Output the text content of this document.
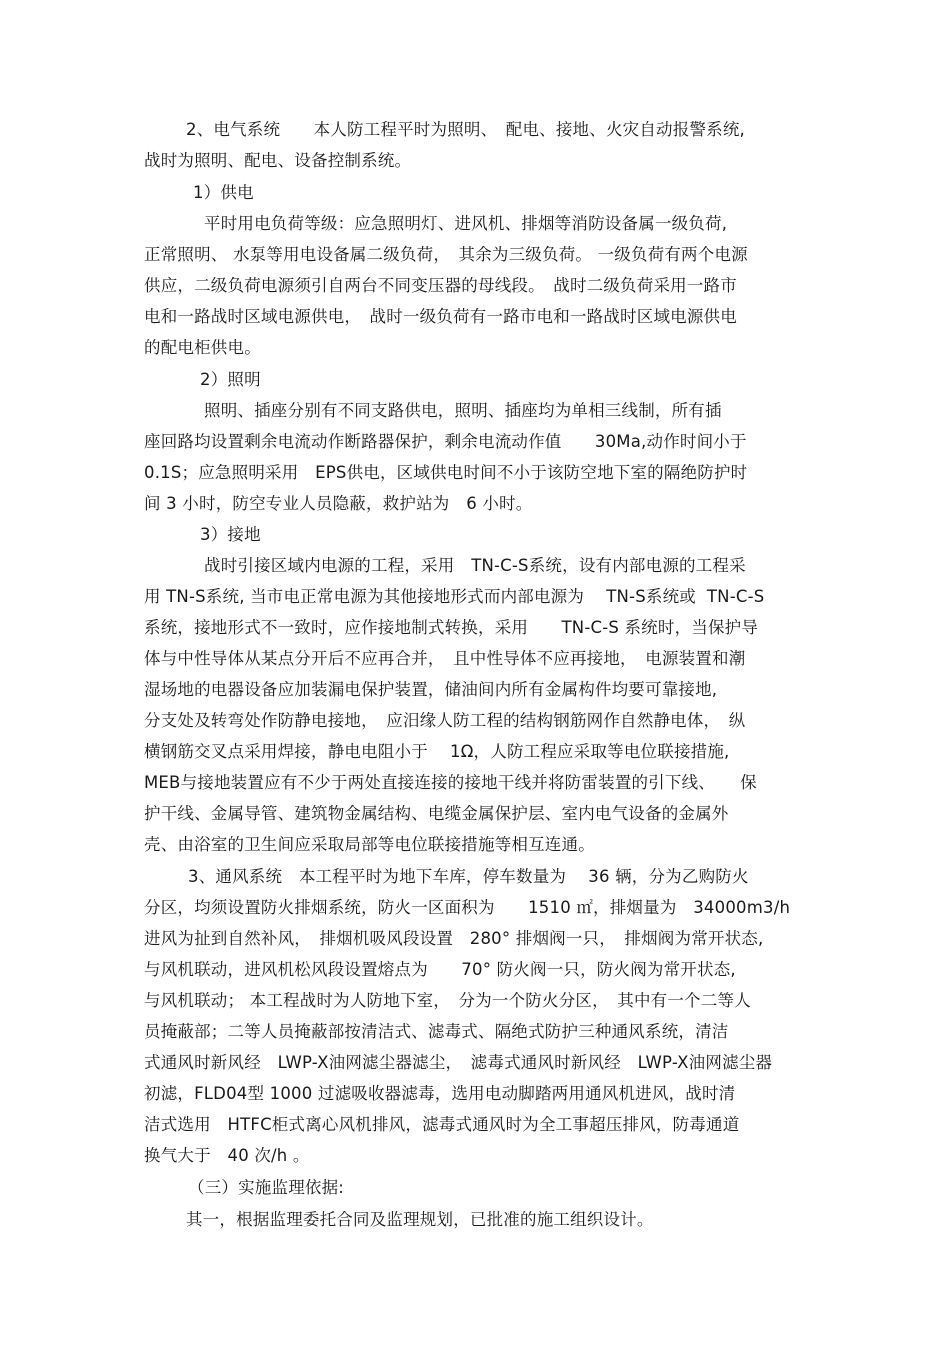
2、电气系统　　本人防工程平时为照明、　配电、接地、火灾自动报警系统,
战时为照明、配电、设备控制系统。
1）供电
平时用电负荷等级：应急照明灯、进风机、排烟等消防设备属一级负荷,
正常照明、 水泵等用电设备属二级负荷，　其余为三级负荷。 一级负荷有两个电源
供应，二级负荷电源须引自两台不同变压器的母线段。　战时二级负荷采用一路市
电和一路战时区域电源供电，　战时一级负荷有一路市电和一路战时区域电源供电
的配电柜供电。
2）照明
照明、插座分别有不同支路供电，照明、插座均为单相三线制，所有插
座回路均设置剩余电流动作断路器保护，剩余电流动作值　　30Ma,动作时间小于
0.1S；应急照明采用　EPS供电，区域供电时间不小于该防空地下室的隔绝防护时
间 3 小时，防空专业人员隐蔽，救护站为　6 小时。
3）接地
战时引接区域内电源的工程，采用　TN-C-S系统，设有内部电源的工程采
用 TN-S系统, 当市电正常电源为其他接地形式而内部电源为　 TN-S系统或  TN-C-S
系统，接地形式不一致时，应作接地制式转换，采用　　TN-C-S 系统时，当保护导
体与中性导体从某点分开后不应再合并，　且中性导体不应再接地，　电源装置和潮
湿场地的电器设备应加装漏电保护装置，储油间内所有金属构件均要可靠接地,
分支处及转弯处作防静电接地，　应汨缘人防工程的结构钢筋网作自然静电体，　纵
横钢筋交叉点采用焊接，静电电阻小于　 1Ω，人防工程应采取等电位联接措施,
MEB与接地装置应有不少于两处直接连接的接地干线并将防雷装置的引下线、　　保
护干线、金属导管、建筑物金属结构、电缆金属保护层、室内电气设备的金属外
壳、由浴室的卫生间应采取局部等电位联接措施等相互连通。
3、通风系统　本工程平时为地下车库，停车数量为　 36 辆，分为乙购防火
分区，均须设置防火排烟系统，防火一区面积为　　1510 ㎡，排烟量为　34000m3/h
进风为扯到自然补风，　排烟机吸风段设置　280° 排烟阀一只，　排烟阀为常开状态,
与风机联动，进风机松风段设置熔点为　　70° 防火阀一只，防火阀为常开状态,
与风机联动； 本工程战时为人防地下室，　分为一个防火分区，　其中有一个二等人
员掩蔽部；二等人员掩蔽部按清洁式、滤毒式、隔绝式防护三种通风系统，清洁
式通风时新风经　LWP-X油网滤尘器滤尘，　滤毒式通风时新风经　LWP-X油网滤尘器
初滤，FLD04型 1000 过滤吸收器滤毒，选用电动脚踏两用通风机进风，战时清
洁式选用　HTFC柜式离心风机排风，滤毒式通风时为全工事超压排风，防毒通道
换气大于　40 次/h 。
（三）实施监理依据:
其一，根据监理委托合同及监理规划，已批准的施工组织设计。
